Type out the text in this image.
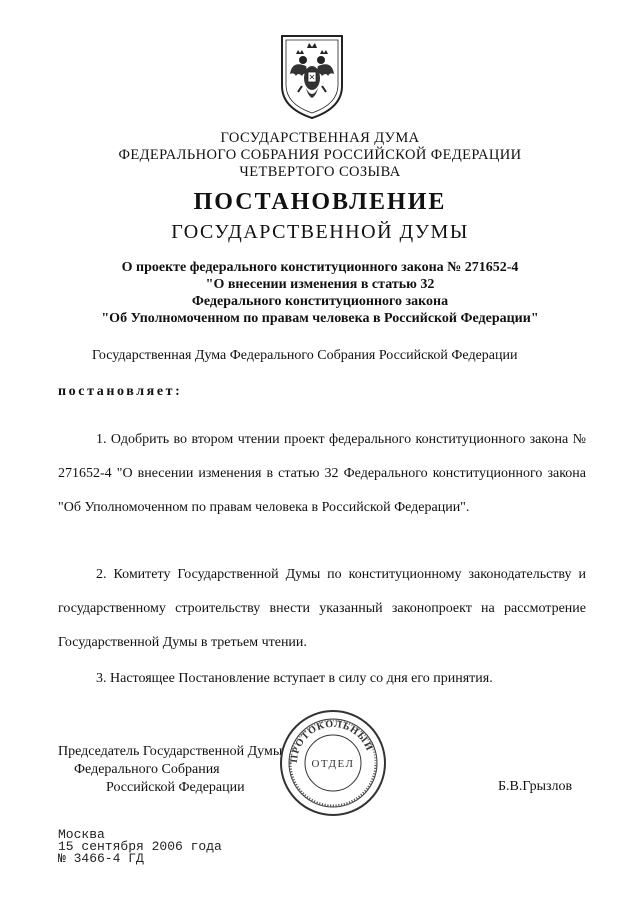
ГОСУДАРСТВЕННАЯ ДУМА
ФЕДЕРАЛЬНОГО СОБРАНИЯ РОССИЙСКОЙ ФЕДЕРАЦИИ
ЧЕТВЕРТОГО СОЗЫВА
ПОСТАНОВЛЕНИЕ
ГОСУДАРСТВЕННОЙ ДУМЫ
О проекте федерального конституционного закона № 271652-4
"О внесении изменения в статью 32
Федерального конституционного закона
"Об Уполномоченном по правам человека в Российской Федерации"
Государственная Дума Федерального Собрания Российской Федерации
постановляет:
1. Одобрить во втором чтении проект федерального конституционного закона № 271652-4 "О внесении изменения в статью 32 Федерального конституционного закона "Об Уполномоченном по правам человека в Российской Федерации".
2. Комитету Государственной Думы по конституционному законодательству и государственному строительству внести указанный законопроект на рассмотрение Государственной Думы в третьем чтении.
3. Настоящее Постановление вступает в силу со дня его принятия.
Председатель Государственной Думы
Федерального Собрания
Российской Федерации
ПРОТОКОЛЬНЫЙ
ОТДЕЛ
Б.В.Грызлов
Москва
15 сентября 2006 года
№ 3466-4 ГД
